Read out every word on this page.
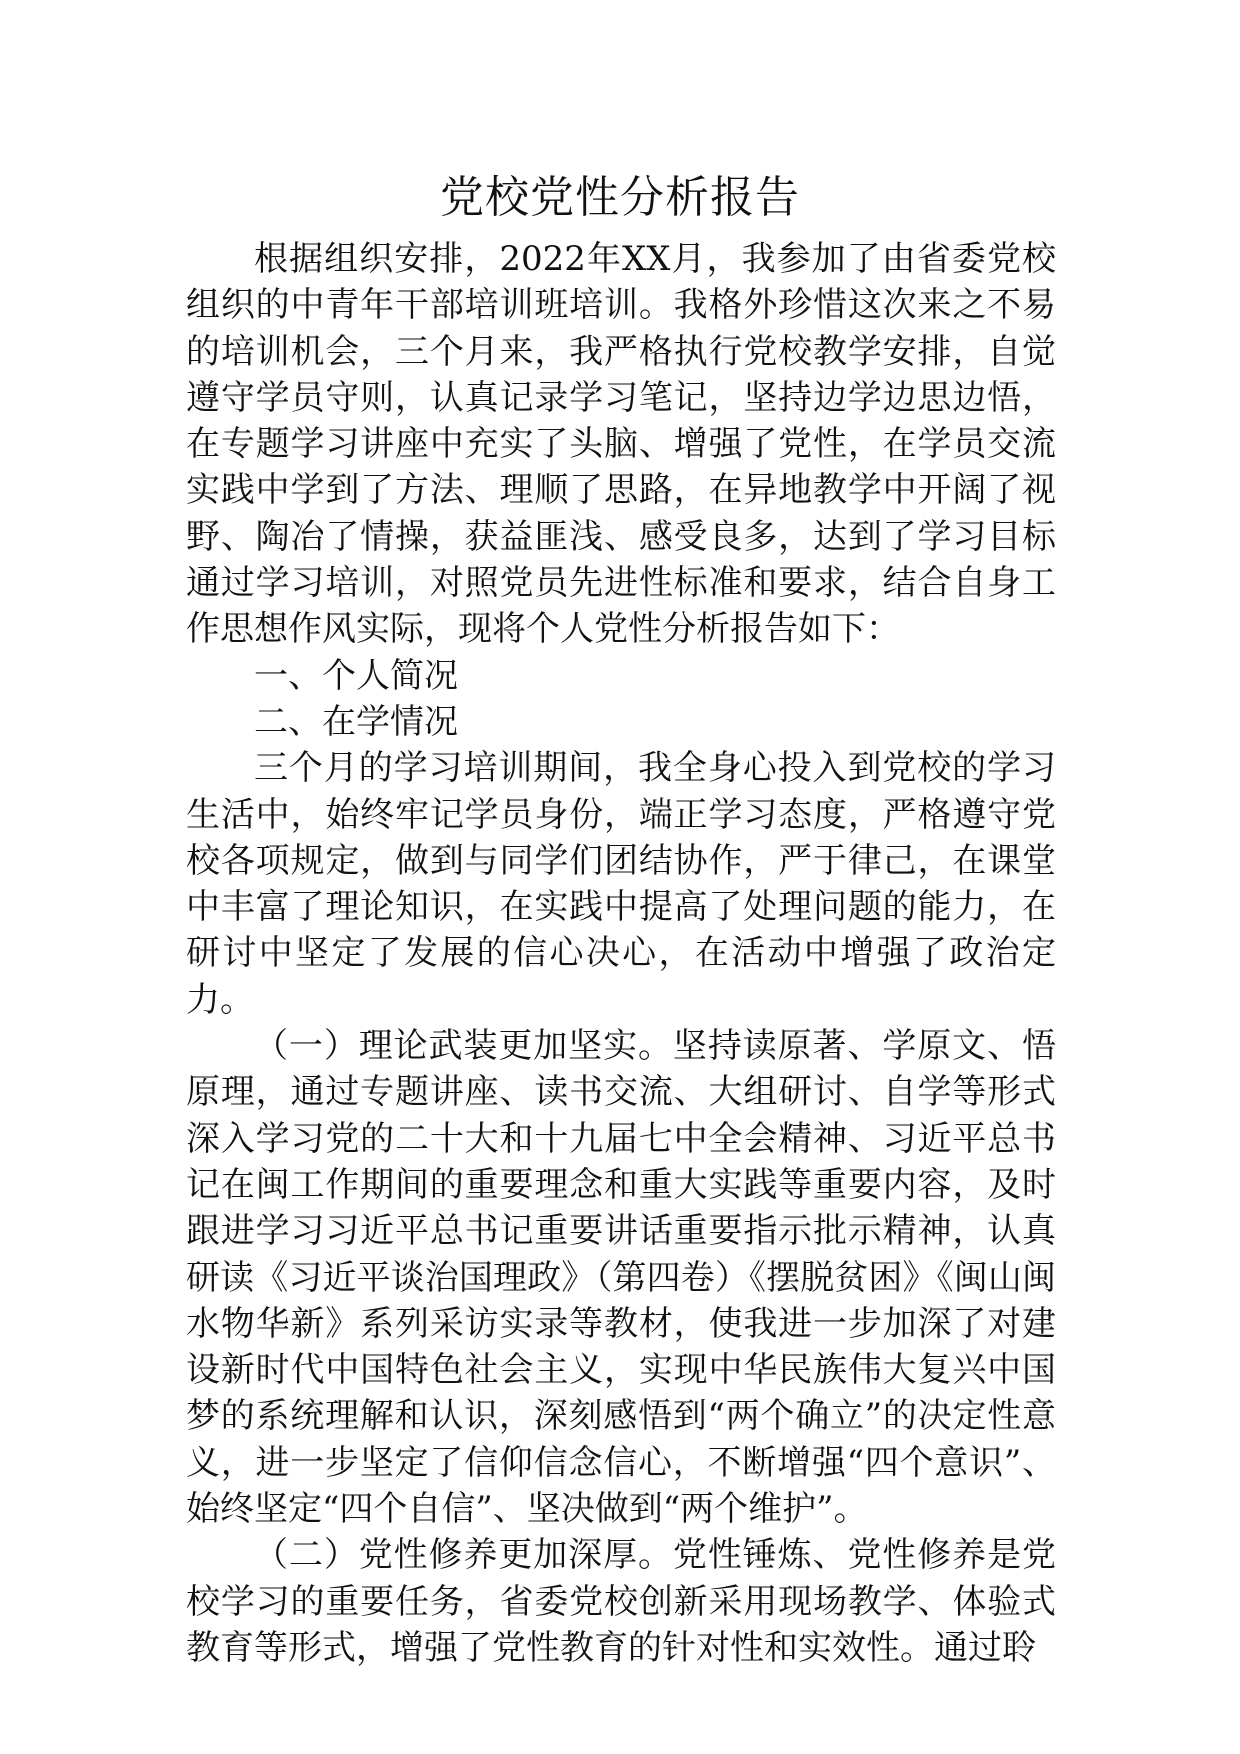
党校党性分析报告

根据组织安排，2022年XX月，我参加了由省委党校组织的中青年干部培训班培训。我格外珍惜这次来之不易的培训机会，三个月来，我严格执行党校教学安排，自觉遵守学员守则，认真记录学习笔记，坚持边学边思边悟，在专题学习讲座中充实了头脑、增强了党性，在学员交流实践中学到了方法、理顺了思路，在异地教学中开阔了视野、陶冶了情操，获益匪浅、感受良多，达到了学习目标通过学习培训，对照党员先进性标准和要求，结合自身工作思想作风实际，现将个人党性分析报告如下：

一、个人简况

二、在学情况

三个月的学习培训期间，我全身心投入到党校的学习生活中，始终牢记学员身份，端正学习态度，严格遵守党校各项规定，做到与同学们团结协作，严于律己，在课堂中丰富了理论知识，在实践中提高了处理问题的能力，在研讨中坚定了发展的信心决心，在活动中增强了政治定力。

（一）理论武装更加坚实。坚持读原著、学原文、悟原理，通过专题讲座、读书交流、大组研讨、自学等形式深入学习党的二十大和十九届七中全会精神、习近平总书记在闽工作期间的重要理念和重大实践等重要内容，及时跟进学习习近平总书记重要讲话重要指示批示精神，认真研读《习近平谈治国理政》（第四卷）《摆脱贫困》《闽山闽水物华新》系列采访实录等教材，使我进一步加深了对建设新时代中国特色社会主义，实现中华民族伟大复兴中国梦的系统理解和认识，深刻感悟到“两个确立”的决定性意义，进一步坚定了信仰信念信心，不断增强“四个意识”、始终坚定“四个自信”、坚决做到“两个维护”。

（二）党性修养更加深厚。党性锤炼、党性修养是党校学习的重要任务，省委党校创新采用现场教学、体验式教育等形式，增强了党性教育的针对性和实效性。通过聆
